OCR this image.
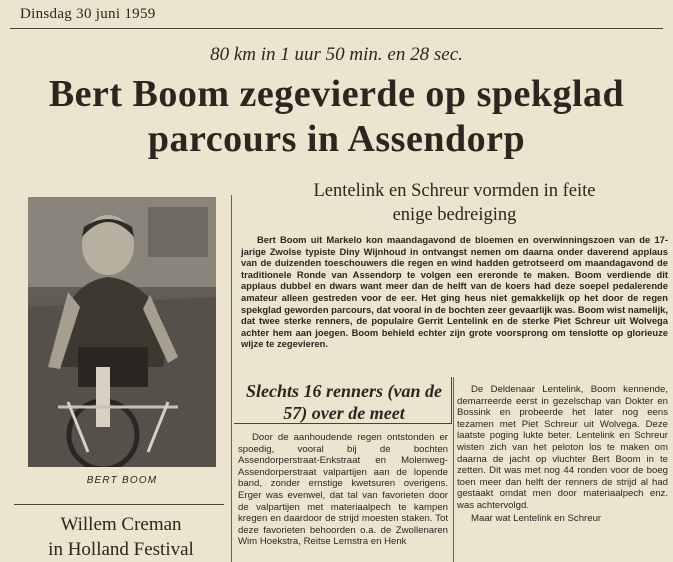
Dinsdag 30 juni 1959
80 km in 1 uur 50 min. en 28 sec.
Bert Boom zegevierde op spekglad
parcours in Assendorp
BERT BOOM
Willem Creman
in Holland Festival
Lentelink en Schreur vormden in feite
enige bedreiging

Bert Boom uit Markelo kon maandagavond de bloemen en overwinningszoen van de 17-jarige Zwolse typiste Diny Wijnhoud in ontvangst nemen om daarna onder daverend applaus van de duizenden toeschouwers die regen en wind hadden getrotseerd om maandagavond de traditionele Ronde van Assendorp te volgen een ereronde te maken. Boom verdiende dit applaus dubbel en dwars want meer dan de helft van de koers had deze soepel pedalerende amateur alleen gestreden voor de eer. Het ging heus niet gemakkelijk op het door de regen spekglad geworden parcours, dat vooral in de bochten zeer gevaarlijk was. Boom wist namelijk, dat twee sterke renners, de populaire Gerrit Lentelink en de sterke Piet Schreur uit Wolvega achter hem aan joegen. Boom behield echter zijn grote voorsprong om tenslotte op glorieuze wijze te zegevieren.

Slechts 16 renners (van de
57) over de meet

Door de aanhoudende regen ontstonden er spoedig, vooral bij de bochten Assendorperstraat-Enkstraat en Molenweg-Assendorperstraat valpartijen aan de lopende band, zonder ernstige kwetsuren overigens. Erger was evenwel, dat tal van favorieten door de valpartijen met materiaalpech te kampen kregen en daardoor de strijd moesten staken. Tot deze favorieten behoorden o.a. de Zwollenaren Wim Hoekstra, Reitse Lemstra en Henk

De Deldenaar Lentelink, Boom kennende, demarreerde eerst in gezelschap van Dokter en Bossink en probeerde het later nog eens tezamen met Piet Schreur uit Wolvega. Deze laatste poging lukte beter. Lentelink en Schreur wisten zich van het peloton los te maken om daarna de jacht op vluchter Bert Boom in te zetten. Dit was met nog 44 ronden voor de boeg toen meer dan helft der renners de strijd al had gestaakt omdat men door materiaalpech enz. was achtervolgd.

Maar wat Lentelink en Schreur
